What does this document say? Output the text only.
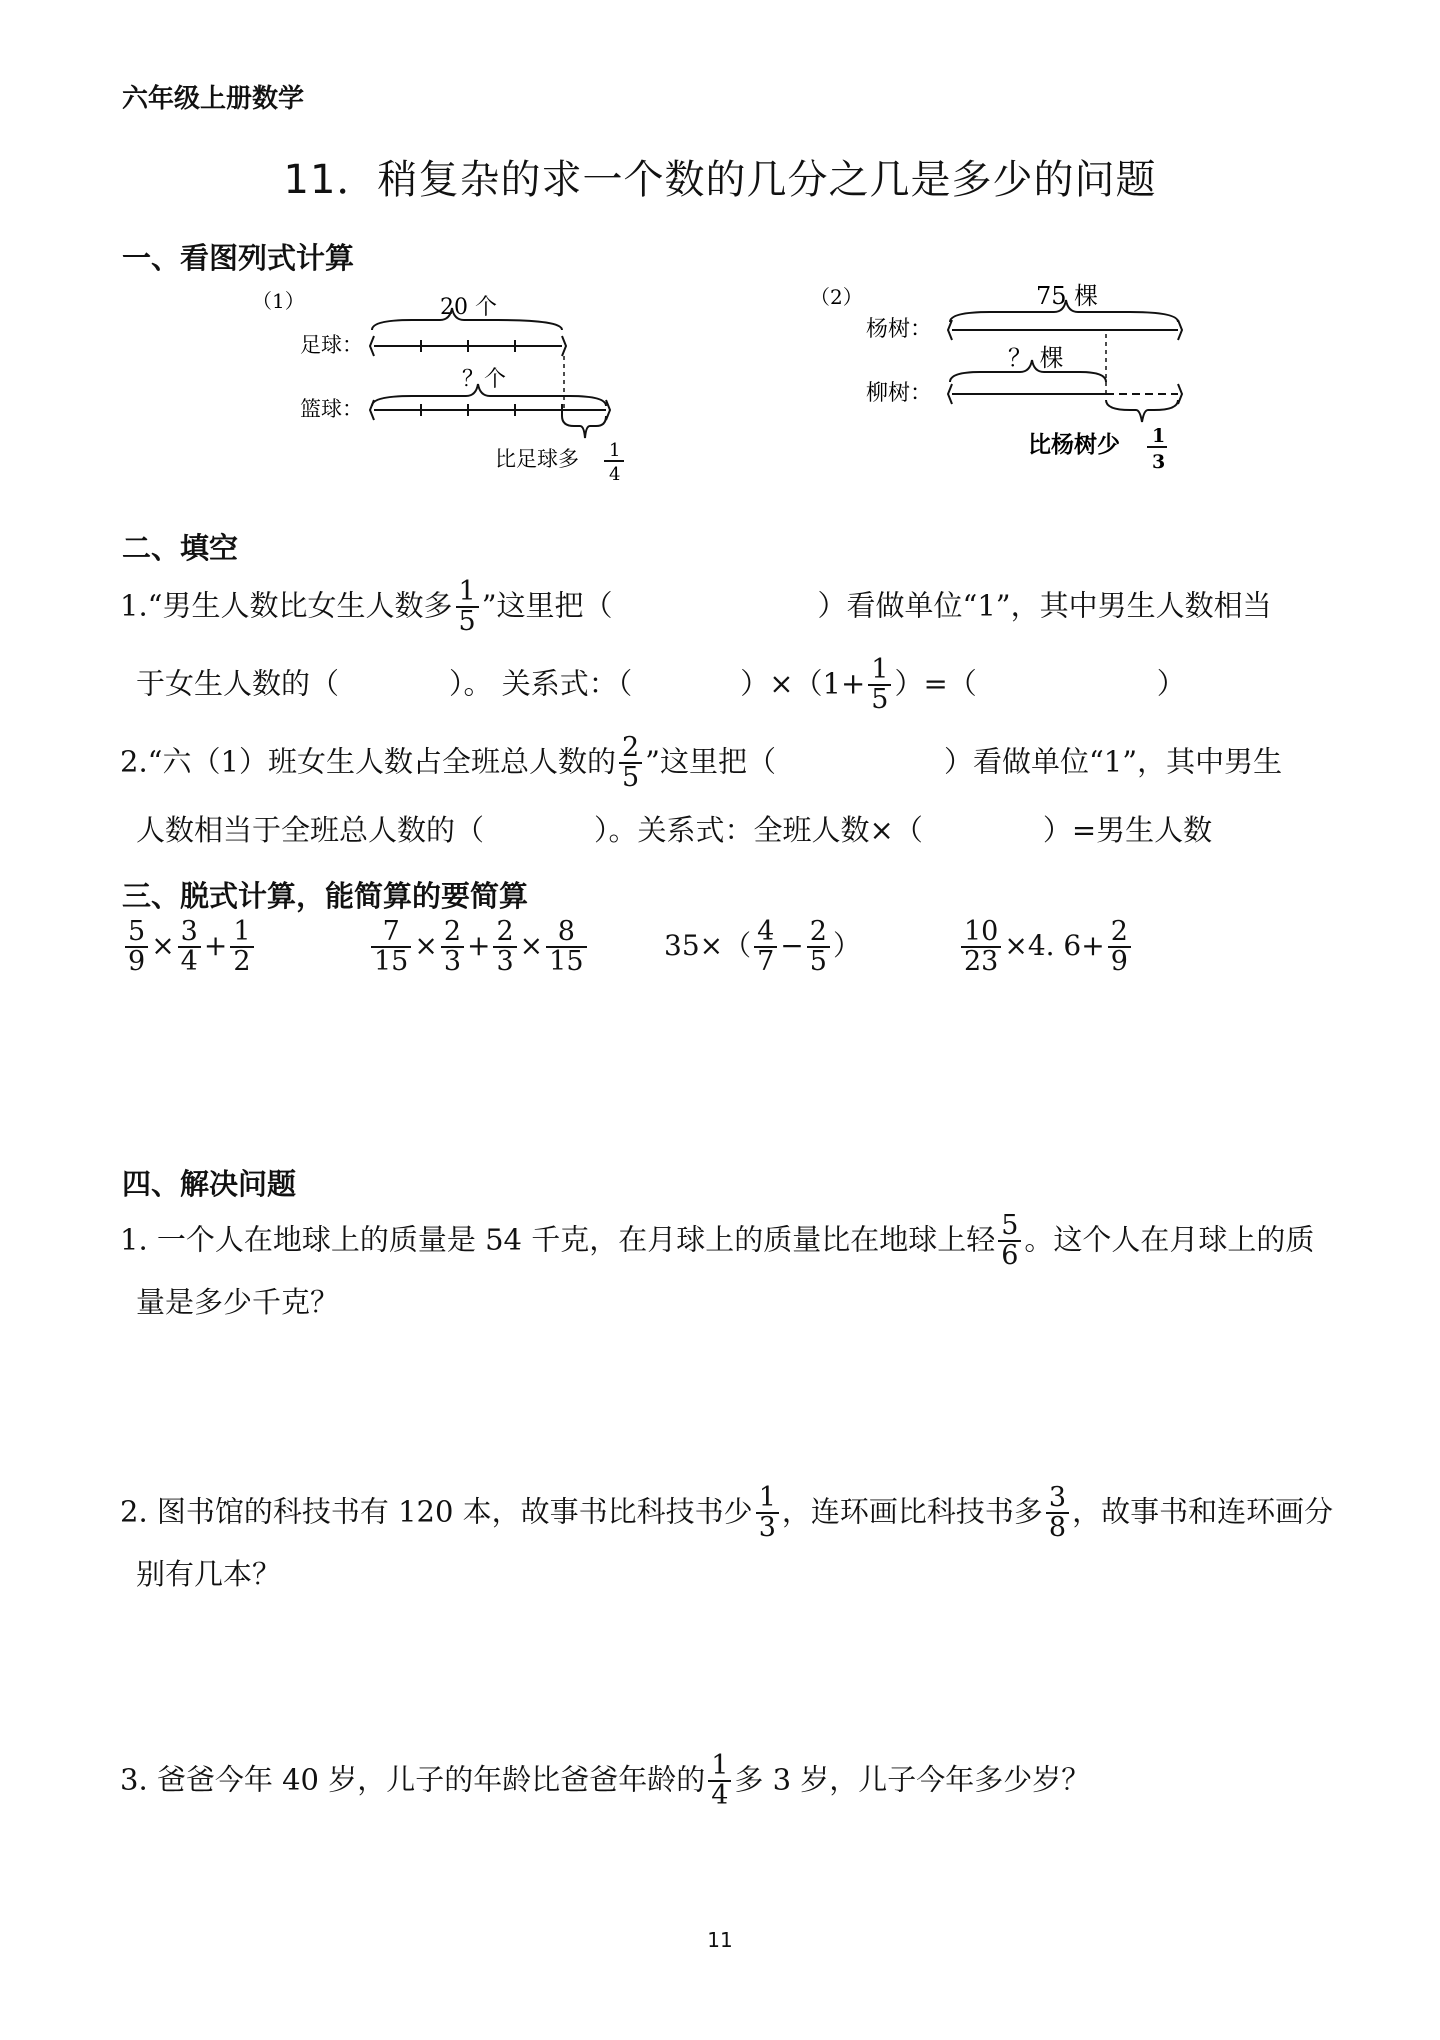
六年级上册数学
11．稍复杂的求一个数的几分之几是多少的问题
一、看图列式计算
（1）	20 个
足球：
？个
篮球：
比足球多 1
4
（2）	75 棵
杨树：
？ 棵
柳树：
比杨树少 1
3
二、填空
1.“男生人数比女生人数多 $\frac{1}{5}$ ”这里把（	）看做单位“1”，其中男生人数相当
于女生人数的（	）。 关系式：（	）$\times(1+ \frac{1}{5}$ ）=（	）
2.“六（1）班女生人数占全班总人数的 $\frac{2}{5}$ ”这里把（	）看做单位“1”，其中男生
人数相当于全班总人数的（	）。关系式：全班人数×（	）=男生人数
三、脱式计算，能简算的要简算
$\frac{5}{9} \times \frac{3}{4} + \frac{1}{2}$	$\frac{7}{15} \times \frac{2}{3} + \frac{2}{3} \times \frac{8}{15}$	$35\times( \frac{4}{7} - \frac{2}{5}$ ）	$\frac{10}{23} \times 4$. $6+ \frac{2}{9}$
四、解决问题
1. 一个人在地球上的质量是 54 千克，在月球上的质量比在地球上轻 $\frac{5}{6}$ 。这个人在月球上的质
量是多少千克？
2. 图书馆的科技书有 120 本，故事书比科技书少 $\frac{1}{3}$ ，连环画比科技书多 $\frac{3}{8}$ ，故事书和连环画分
别有几本？
3. 爸爸今年 40 岁，儿子的年龄比爸爸年龄的 $\frac{1}{4}$ 多 3 岁，儿子今年多少岁？
11
